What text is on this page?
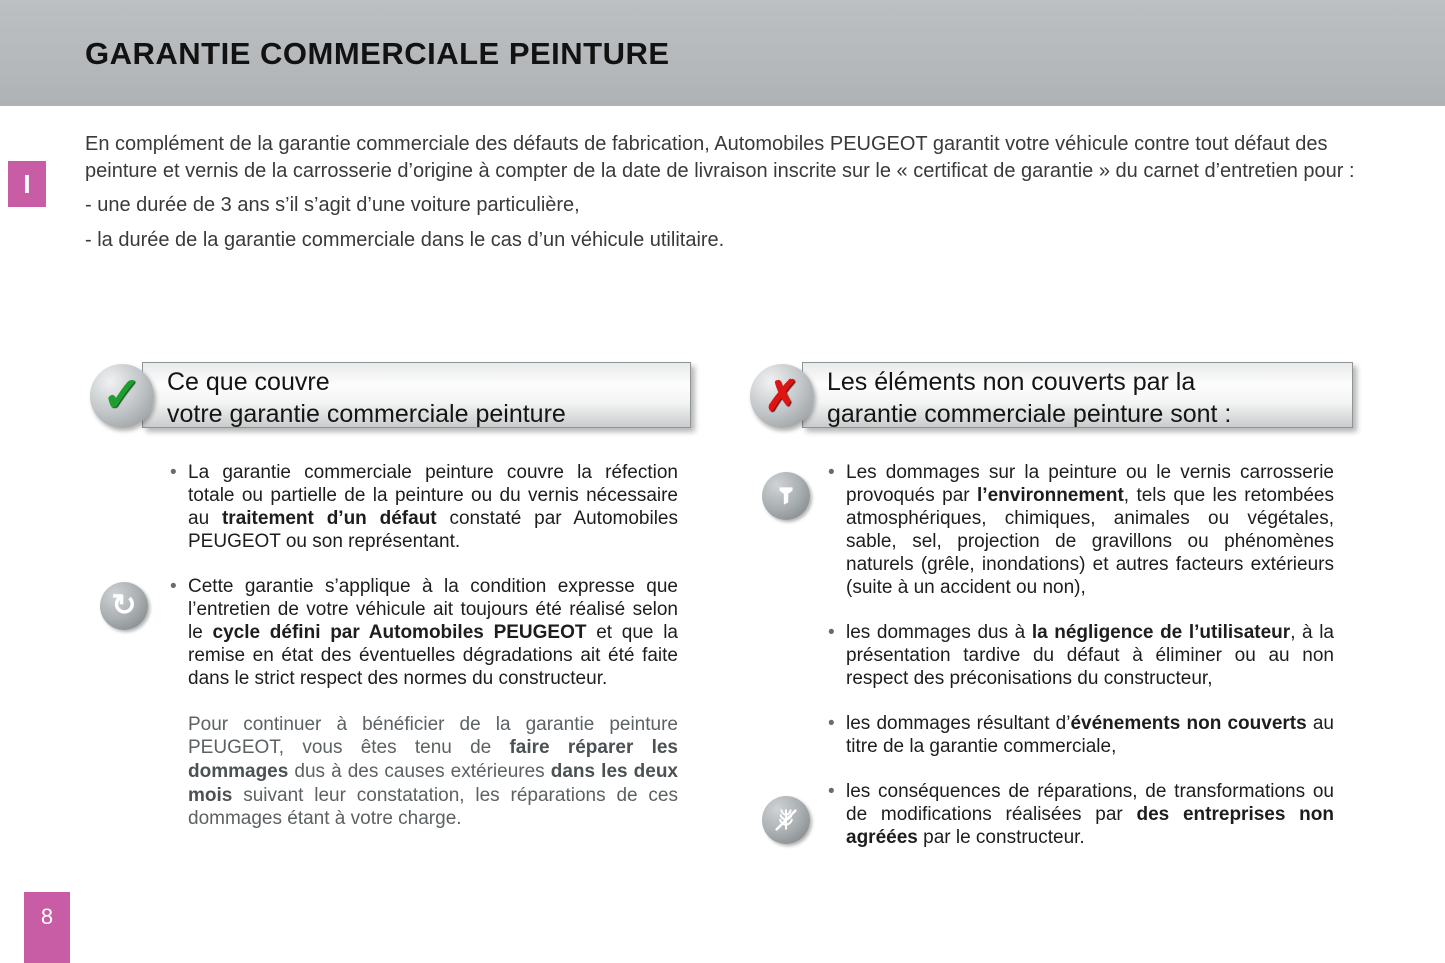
GARANTIE COMMERCIALE PEINTURE
I
En complément de la garantie commerciale des défauts de fabrication, Automobiles PEUGEOT garantit votre véhicule contre tout défaut des peinture et vernis de la carrosserie d’origine à compter de la date de livraison inscrite sur le « certificat de garantie » du carnet d’entretien pour :
- une durée de 3 ans s’il s’agit d’une voiture particulière,
- la durée de la garantie commerciale dans le cas d’un véhicule utilitaire.
✓ Ce que couvre
votre garantie commerciale peinture	✗ Les éléments non couverts par la
garantie commerciale peinture sont :
• La garantie commerciale peinture couvre la réfection totale ou partielle de la peinture ou du vernis nécessaire au traitement d’un défaut constaté par Automobiles PEUGEOT ou son représentant.

• Cette garantie s’applique à la condition expresse que l’entretien de votre véhicule ait toujours été réalisé selon le cycle défini par Automobiles PEUGEOT et que la remise en état des éventuelles dégradations ait été faite dans le strict respect des normes du constructeur.

Pour continuer à bénéficier de la garantie peinture PEUGEOT, vous êtes tenu de faire réparer les dommages dus à des causes extérieures dans les deux mois suivant leur constatation, les réparations de ces dommages étant à votre charge.

↻
• Les dommages sur la peinture ou le vernis carrosserie provoqués par l’environnement, tels que les retombées atmosphériques, chimiques, animales ou végétales, sable, sel, projection de gravillons ou phénomènes naturels (grêle, inondations) et autres facteurs extérieurs (suite à un accident ou non),

• les dommages dus à la négligence de l’utilisateur, à la présentation tardive du défaut à éliminer ou au non respect des préconisations du constructeur,

• les dommages résultant d’événements non couverts au titre de la garantie commerciale,

• les conséquences de réparations, de transformations ou de modifications réalisées par des entreprises non agréées par le constructeur.

8
